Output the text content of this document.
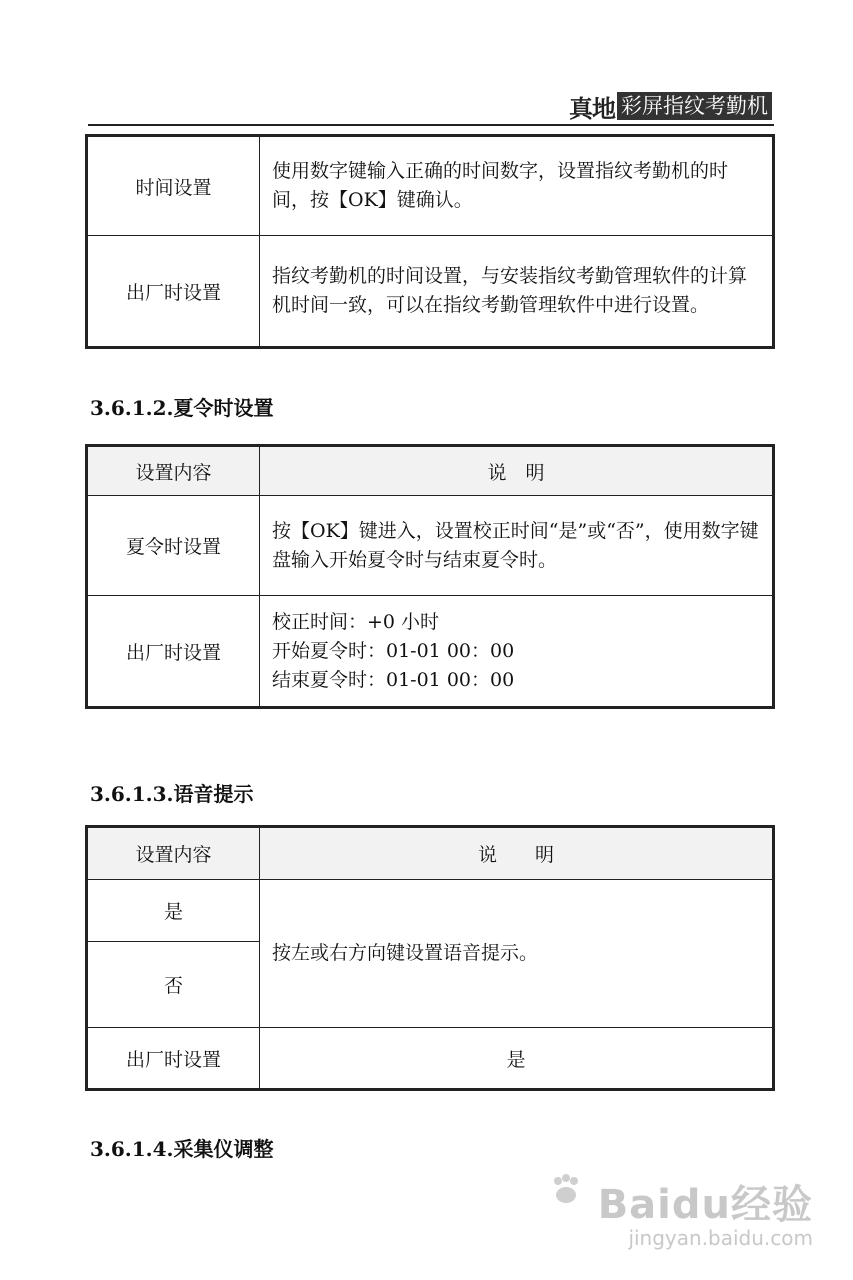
真地 彩屏指纹考勤机
时间设置	使用数字键输入正确的时间数字，设置指纹考勤机的时间，按【OK】键确认。
出厂时设置	指纹考勤机的时间设置，与安装指纹考勤管理软件的计算机时间一致，可以在指纹考勤管理软件中进行设置。
3.6.1.2.夏令时设置
设置内容	说　明
夏令时设置	按【OK】键进入，设置校正时间“是”或“否”，使用数字键盘输入开始夏令时与结束夏令时。
出厂时设置	校正时间：+0 小时
开始夏令时：01-01 00：00
结束夏令时：01-01 00：00
3.6.1.3.语音提示
设置内容	说　　明
是	按左或右方向键设置语音提示。
否	
出厂时设置	是
3.6.1.4.采集仪调整
Baidu经验
jingyan.baidu.com
